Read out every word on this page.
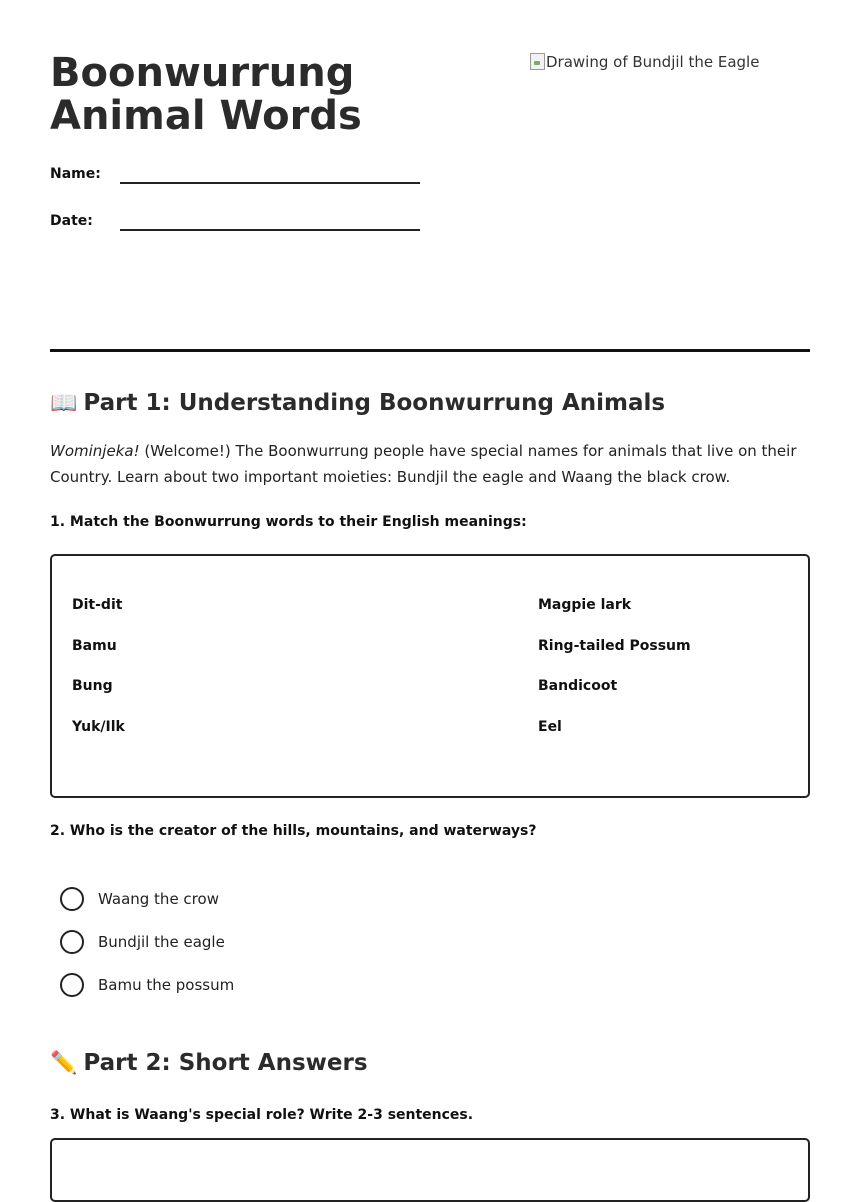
Boonwurrung Animal Words
Drawing of Bundjil the Eagle
Name:
Date:
📖 Part 1: Understanding Boonwurrung Animals

Wominjeka! (Welcome!) The Boonwurrung people have special names for animals that live on their Country. Learn about two important moieties: Bundjil the eagle and Waang the black crow.

1. Match the Boonwurrung words to their English meanings:

Dit-dit
Bamu
Bung
Yuk/Ilk
Magpie lark
Ring-tailed Possum
Bandicoot
Eel

2. Who is the creator of the hills, mountains, and waterways?

Waang the crow
Bundjil the eagle
Bamu the possum
✏️ Part 2: Short Answers

3. What is Waang's special role? Write 2-3 sentences.
